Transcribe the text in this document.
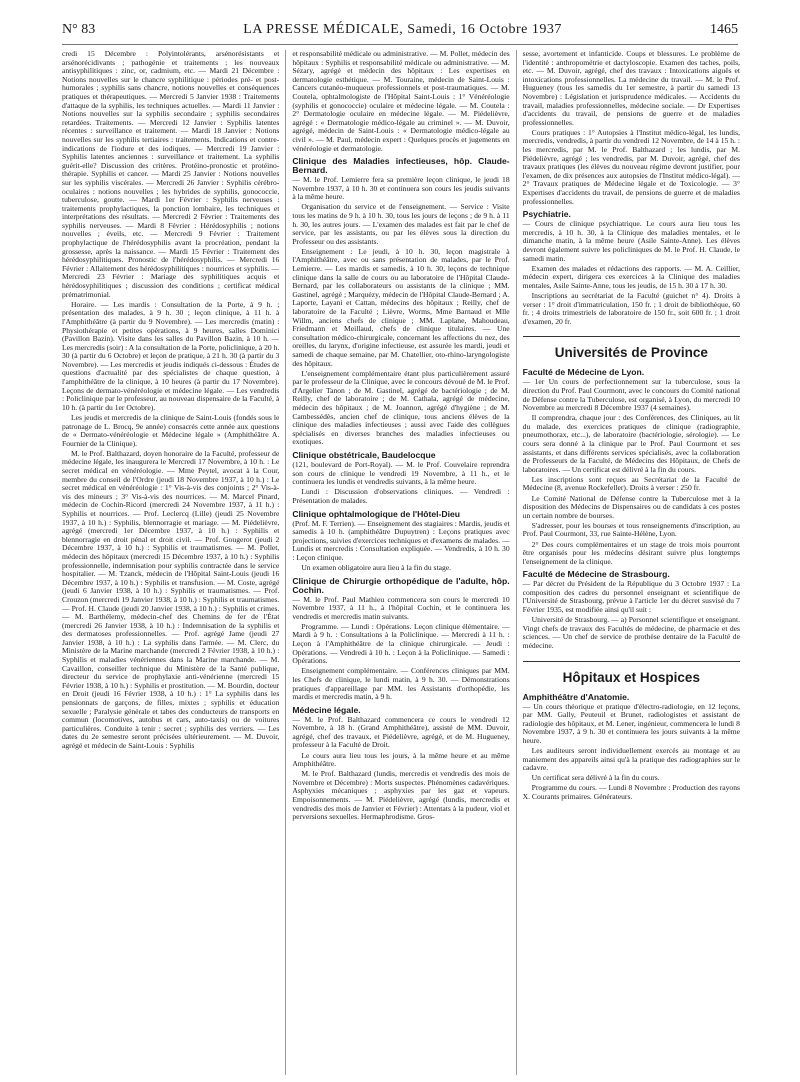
N° 83	LA PRESSE MÉDICALE, Samedi, 16 Octobre 1937	1465

credi 15 Décembre : Polyintolérants, arsénorésistants et arsénorécidivants ; pathogénie et traitements ; les nouveaux antisyphilitiques : zinc, or, cadmium, etc. — Mardi 21 Décembre : Notions nouvelles sur le chancre syphilitique : périodes pré- et post-humorales ; syphilis sans chancre, notions nouvelles et conséquences pratiques et thérapeutiques. — Mercredi 5 Janvier 1938 : Traitements d'attaque de la syphilis, les techniques actuelles. — Mardi 11 Janvier : Notions nouvelles sur la syphilis secondaire ; syphilis secondaires retardées. Traitements. — Mercredi 12 Janvier : Syphilis latentes récentes : surveillance et traitement. — Mardi 18 Janvier : Notions nouvelles sur les syphilis tertiaires : traitements. Indications et contre-indications de l'iodure et des iodiques. — Mercredi 19 Janvier : Syphilis latentes anciennes : surveillance et traitement. La syphilis guérit-elle? Discussion des critères. Protéino-pronostic et protéino-thérapie. Syphilis et cancer. — Mardi 25 Janvier : Notions nouvelles sur les syphilis viscérales. — Mercredi 26 Janvier : Syphilis cérébro-oculaires : notions nouvelles ; les hybrides de syphilis, gonococcie, tuberculose, goutte. — Mardi 1er Février : Syphilis nerveuses : traitements prophylactiques, la ponction lombaire, les techniques et interprétations des résultats. — Mercredi 2 Février : Traitements des syphilis nerveuses. — Mardi 8 Février : Hérédosyphilis ; notions nouvelles ; éveils, etc. — Mercredi 9 Février : Traitement prophylactique de l'hérédosyphilis avant la procréation, pendant la grossesse, après la naissance. — Mardi 15 Février : Traitement des hérédosyphilitiques. Pronostic de l'hérédosyphilis. — Mercredi 16 Février : Allaitement des hérédosyphilitiques : nourrices et syphilis. — Mercredi 23 Février : Mariage des syphilitiques acquis et hérédosyphilitiques ; discussion des conditions ; certificat médical prématrimonial.

Horaire. — Les mardis : Consultation de la Porte, à 9 h. ; présentation des malades, à 9 h. 30 ; leçon clinique, à 11 h. à l'Amphithéâtre (à partir du 9 Novembre). — Les mercredis (matin) : Physiothérapie et petites opérations, à 9 heures, salles Dominici (Pavillon Bazin). Visite dans les salles du Pavillon Bazin, à 10 h. — Les mercredis (soir) : A la consultation de la Porte, policlinique, à 20 h. 30 (à partir du 6 Octobre) et leçon de pratique, à 21 h. 30 (à partir du 3 Novembre). — Les mercredis et jeudis indiqués ci-dessous : Études de questions d'actualité par des spécialistes de chaque question, à l'amphithéâtre de la clinique, à 10 heures (à partir du 17 Novembre). Leçons de dermato-vénéréologie et médecine légale. — Les vendredis : Policlinique par le professeur, au nouveau dispensaire de la Faculté, à 10 h. (à partir du 1er Octobre).

Les jeudis et mercredis de la clinique de Saint-Louis (fondés sous le patronage de L. Brocq, 9e année) consacrés cette année aux questions de « Dermato-vénéréologie et Médecine légale » (Amphithéâtre A. Fournier de la Clinique).

M. le Prof. Balthazard, doyen honoraire de la Faculté, professeur de médecine légale, les inaugurera le Mercredi 17 Novembre, à 10 h. : Le secret médical en vénéréologie. — Mme Peytel, avocat à la Cour, membre du conseil de l'Ordre (jeudi 18 Novembre 1937, à 10 h.) : Le secret médical en vénéréologie : 1° Vis-à-vis des conjoints ; 2° Vis-à-vis des mineurs ; 3° Vis-à-vis des nourrices. — M. Marcel Pinard, médecin de Cochin-Ricord (mercredi 24 Novembre 1937, à 11 h.) : Syphilis et nourrices. — Prof. Leclercq (Lille) (jeudi 25 Novembre 1937, à 10 h.) : Syphilis, blennorragie et mariage. — M. Piédelièvre, agrégé (mercredi 1er Décembre 1937, à 10 h.) : Syphilis et blennorragie en droit pénal et droit civil. — Prof. Gougerot (jeudi 2 Décembre 1937, à 10 h.) : Syphilis et traumatismes. — M. Pollet, médecin des hôpitaux (mercredi 15 Décembre 1937, à 10 h.) : Syphilis professionnelle, indemnisation pour syphilis contractée dans le service hospitalier. — M. Tzanck, médecin de l'Hôpital Saint-Louis (jeudi 16 Décembre 1937, à 10 h.) : Syphilis et transfusion. — M. Coste, agrégé (jeudi 6 Janvier 1938, à 10 h.) : Syphilis et traumatismes. — Prof. Crouzon (mercredi 19 Janvier 1938, à 10 h.) : Syphilis et traumatismes. — Prof. H. Claude (jeudi 20 Janvier 1938, à 10 h.) : Syphilis et crimes. — M. Barthélemy, médecin-chef des Chemins de fer de l'État (mercredi 26 Janvier 1938, à 10 h.) : Indemnisation de la syphilis et des dermatoses professionnelles. — Prof. agrégé Jame (jeudi 27 Janvier 1938, à 10 h.) : La syphilis dans l'armée. — M. Clerc, du Ministère de la Marine marchande (mercredi 2 Février 1938, à 10 h.) : Syphilis et maladies vénériennes dans la Marine marchande. — M. Cavaillon, conseiller technique du Ministère de la Santé publique, directeur du service de prophylaxie anti-vénérienne (mercredi 15 Février 1938, à 10 h.) : Syphilis et prostitution. — M. Bourdin, docteur en Droit (jeudi 16 Février 1938, à 10 h.) : 1° La syphilis dans les pensionnats de garçons, de filles, mixtes ; syphilis et éducation sexuelle ; Paralysie générale et tabes des conducteurs de transports en commun (locomotives, autobus et cars, auto-taxis) ou de voitures particulières. Conduite à tenir : secret ; syphilis des verriers. — Les dates du 2e semestre seront précisées ultérieurement. — M. Duvoir, agrégé et médecin de Saint-Louis : Syphilis

et responsabilité médicale ou administrative. — M. Pollet, médecin des hôpitaux : Syphilis et responsabilité médicale ou administrative. — M. Sézary, agrégé et médecin des hôpitaux : Les expertises en dermatologie esthétique. — M. Touraine, médecin de Saint-Louis : Cancers cutanéo-muqueux professionnels et post-traumatiques. — M. Coutela, ophtalmologiste de l'Hôpital Saint-Louis : 1° Vénéréologie (syphilis et gonococcie) oculaire et médecine légale. — M. Coutela : 2° Dermatologie oculaire en médecine légale. — M. Piédelièvre, agrégé : « Dermatologie médico-légale au criminel ». — M. Duvoir, agrégé, médecin de Saint-Louis : « Dermatologie médico-légale au civil ». — M. Paul, médecin expert : Quelques procès et jugements en vénéréologie et dermatologie.

Clinique des Maladies infectieuses, hôp. Claude-Bernard.

— M. le Prof. Lemierre fera sa première leçon clinique, le jeudi 18 Novembre 1937, à 10 h. 30 et continuera son cours les jeudis suivants à la même heure.

Organisation du service et de l'enseignement. — Service : Visite tous les matins de 9 h. à 10 h. 30, tous les jours de leçons ; de 9 h. à 11 h. 30, les autres jours. — L'examen des malades est fait par le chef de service, par les assistants, ou par les élèves sous la direction du Professeur ou des assistants.

Enseignement : Le jeudi, à 10 h. 30, leçon magistrale à l'Amphithéâtre, avec ou sans présentation de malades, par le Prof. Lemierre. — Les mardis et samedis, à 10 h. 30, leçons de technique clinique dans la salle de cours ou au laboratoire de l'Hôpital Claude-Bernard, par les collaborateurs ou assistants de la clinique ; MM. Gastinel, agrégé ; Marquézy, médecin de l'Hôpital Claude-Bernard ; A. Laporte, Layani et Cattan, médecins des hôpitaux ; Reilly, chef de laboratoire de la Faculté ; Lièvre, Worms, Mme Barnaud et Mlle Willm, anciens chefs de clinique ; MM. Laplane, Mahoudeau, Friedmann et Meillaud, chefs de clinique titulaires. — Une consultation médico-chirurgicale, concernant les affections du nez, des oreilles, du larynx, d'origine infectieuse, est assurée les mardi, jeudi et samedi de chaque semaine, par M. Chatellier, oto-rhino-laryngologiste des hôpitaux.

L'enseignement complémentaire étant plus particulièrement assuré par le professeur de la Clinique, avec le concours dévoué de M. le Prof. d'Argelier Tanon ; de M. Gastinel, agrégé de bactériologie ; de M. Reilly, chef de laboratoire ; de M. Cathala, agrégé de médecine, médecin des hôpitaux ; de M. Joannon, agrégé d'hygiène ; de M. Cambessédès, ancien chef de clinique, tous anciens élèves de la clinique des maladies infectieuses ; aussi avec l'aide des collègues spécialisés en diverses branches des maladies infectieuses ou exotiques.

Clinique obstétricale, Baudelocque

(121, boulevard de Port-Royal). — M. le Prof. Couvelaire reprendra son cours de clinique le vendredi 19 Novembre, à 11 h., et le continuera les lundis et vendredis suivants, à la même heure.

Lundi : Discussion d'observations cliniques. — Vendredi : Présentation de malades.

Clinique ophtalmologique de l'Hôtel-Dieu

(Prof. M. F. Terrien). — Enseignement des stagiaires : Mardis, jeudis et samedis à 10 h. (amphithéâtre Dupuytren) : Leçons pratiques avec projections, suivies d'exercices techniques et d'examens de malades. — Lundis et mercredis : Consultation expliquée. — Vendredis, à 10 h. 30 : Leçon clinique.

Un examen obligatoire aura lieu à la fin du stage.

Clinique de Chirurgie orthopédique de l'adulte, hôp. Cochin.

— M. le Prof. Paul Mathieu commencera son cours le mercredi 10 Novembre 1937, à 11 h., à l'hôpital Cochin, et le continuera les vendredis et mercredis matin suivants.

Programme. — Lundi : Opérations. Leçon clinique élémentaire. — Mardi à 9 h. : Consultations à la Policlinique. — Mercredi à 11 h. : Leçon à l'Amphithéâtre de la clinique chirurgicale. — Jeudi : Opérations. — Vendredi à 10 h. : Leçon à la Policlinique. — Samedi : Opérations.

Enseignement complémentaire. — Conférences cliniques par MM. les Chefs de clinique, le lundi matin, à 9 h. 30. — Démonstrations pratiques d'appareillage par MM. les Assistants d'orthopédie, les mardis et mercredis matin, à 9 h.

Médecine légale.

— M. le Prof. Balthazard commencera ce cours le vendredi 12 Novembre, à 18 h. (Grand Amphithéâtre), assisté de MM. Duvoir, agrégé, chef des travaux, et Piédelièvre, agrégé, et de M. Hugueney, professeur à la Faculté de Droit.

Le cours aura lieu tous les jours, à la même heure et au même Amphithéâtre.

M. le Prof. Balthazard (lundis, mercredis et vendredis des mois de Novembre et Décembre) : Morts suspectes. Phénomènes cadavériques. Asphyxies mécaniques ; asphyxies par les gaz et vapeurs. Empoisonnements. — M. Piédelièvre, agrégé (lundis, mercredis et vendredis des mois de Janvier et Février) : Attentats à la pudeur, viol et perversions sexuelles. Hermaphrodisme. Gros-

sesse, avortement et infanticide. Coups et blessures. Le problème de l'identité : anthropométrie et dactyloscopie. Examen des taches, poils, etc. — M. Duvoir, agrégé, chef des travaux : Intoxications aiguës et intoxications professionnelles. La médecine du travail. — M. le Prof. Hugueney (tous les samedis du 1er semestre, à partir du samedi 13 Novembre) : Législation et jurisprudence médicales. — Accidents du travail, maladies professionnelles, médecine sociale. — Dr Expertises d'accidents du travail, de pensions de guerre et de maladies professionnelles.

Cours pratiques : 1° Autopsies à l'Institut médico-légal, les lundis, mercredis, vendredis, à partir du vendredi 12 Novembre, de 14 à 15 h. : les mercredis, par M. le Prof. Balthazard ; les lundis, par M. Piédelièvre, agrégé ; les vendredis, par M. Duvoir, agrégé, chef des travaux pratiques (les élèves du nouveau régime devront justifier, pour l'examen, de dix présences aux autopsies de l'Institut médico-légal). — 2° Travaux pratiques de Médecine légale et de Toxicologie. — 3° Expertises d'accidents du travail, de pensions de guerre et de maladies professionnelles.

Psychiatrie.

— Cours de clinique psychiatrique. Le cours aura lieu tous les mercredis, à 10 h. 30, à la Clinique des maladies mentales, et le dimanche matin, à la même heure (Asile Sainte-Anne). Les élèves devront également suivre les policliniques de M. le Prof. H. Claude, le samedi matin.

Examen des malades et rédactions des rapports. — M. A. Ceillier, médecin expert, dirigera ces exercices à la Clinique des maladies mentales, Asile Sainte-Anne, tous les jeudis, de 15 h. 30 à 17 h. 30.

Inscriptions au secrétariat de la Faculté (guichet n° 4). Droits à verser : 1° droit d'immatriculation, 150 fr. ; 1 droit de bibliothèque, 60 fr. ; 4 droits trimestriels de laboratoire de 150 fr., soit 600 fr. ; 1 droit d'examen, 20 fr.

Universités de Province
Faculté de Médecine de Lyon.

— 1er Un cours de perfectionnement sur la tuberculose, sous la direction du Prof. Paul Courmont, avec le concours du Comité national de Défense contre la Tuberculose, est organisé, à Lyon, du mercredi 10 Novembre au mercredi 8 Décembre 1937 (4 semaines).

Il comprendra, chaque jour : des Conférences, des Cliniques, au lit du malade, des exercices pratiques de clinique (radiographie, pneumothorax, etc...), de laboratoire (bactériologie, sérologie). — Le cours sera donné à la clinique par le Prof. Paul Courmont et ses assistants, et dans différents services spécialisés, avec la collaboration de Professeurs de la Faculté, de Médecins des Hôpitaux, de Chefs de laboratoires. — Un certificat est délivré à la fin du cours.

Les inscriptions sont reçues au Secrétariat de la Faculté de Médecine (8, avenue Rockefeller). Droits à verser : 250 fr.

Le Comité National de Défense contre la Tuberculose met à la disposition des Médecins de Dispensaires ou de candidats à ces postes un certain nombre de bourses.

S'adresser, pour les bourses et tous renseignements d'inscription, au Prof. Paul Courmont, 33, rue Sainte-Hélène, Lyon.

2° Des cours complémentaires et un stage de trois mois pourront être organisés pour les médecins désirant suivre plus longtemps l'enseignement de la clinique.

Faculté de Médecine de Strasbourg.

— Par décret du Président de la République du 3 Octobre 1937 : La composition des cadres du personnel enseignant et scientifique de l'Université de Strasbourg, prévue à l'article 1er du décret susvisé du 7 Février 1935, est modifiée ainsi qu'il suit :

Université de Strasbourg. — a) Personnel scientifique et enseignant. Vingt chefs de travaux des Facultés de médecine, de pharmacie et des sciences. — Un chef de service de prothèse dentaire de la Faculté de médecine.

Hôpitaux et Hospices
Amphithéâtre d'Anatomie.

— Un cours théorique et pratique d'électro-radiologie, en 12 leçons, par MM. Gally, Peuteuil et Brunet, radiologistes et assistant de radiologie des hôpitaux, et M. Lener, ingénieur, commencera le lundi 8 Novembre 1937, à 9 h. 30 et continuera les jours suivants à la même heure.

Les auditeurs seront individuellement exercés au montage et au maniement des appareils ainsi qu'à la pratique des radiographies sur le cadavre.

Un certificat sera délivré à la fin du cours.

Programme du cours. — Lundi 8 Novembre : Production des rayons X. Courants primaires. Générateurs.
